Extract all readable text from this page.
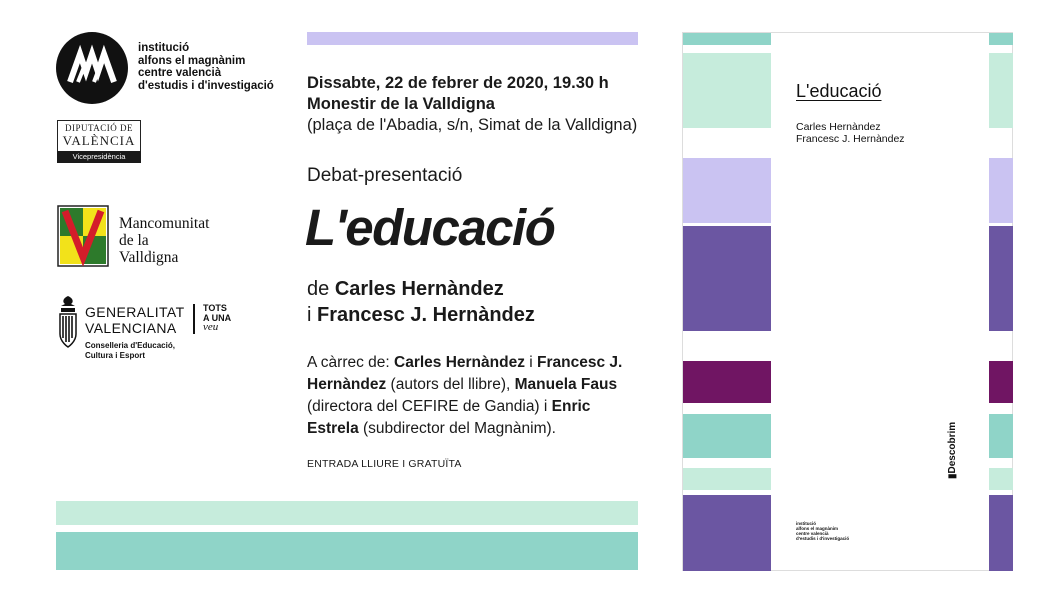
institució
alfons el magnànim
centre valencià
d'estudis i d'investigació
DIPUTACIÓ DE
VALÈNCIA
Vicepresidència
Mancomunitat
de la
Valldigna
GENERALITAT
VALENCIANA
TOTS
A UNA
veu
Conselleria d'Educació,
Cultura i Esport
Dissabte, 22 de febrer de 2020, 19.30 h
Monestir de la Valldigna
(plaça de l'Abadia, s/n, Simat de la Valldigna)
Debat-presentació
L'educació
de Carles Hernàndez
i Francesc J. Hernàndez
A càrrec de: Carles Hernàndez i Francesc J. Hernàndez (autors del llibre), Manuela Faus (directora del CEFIRE de Gandia) i Enric Estrela (subdirector del Magnànim).
ENTRADA LLIURE I GRATUÏTA
L'educació
Carles Hernàndez
Francesc J. Hernàndez
institució
alfons el magnànim
centre valencià
d'estudis i d'investigació
▮Descobrim
